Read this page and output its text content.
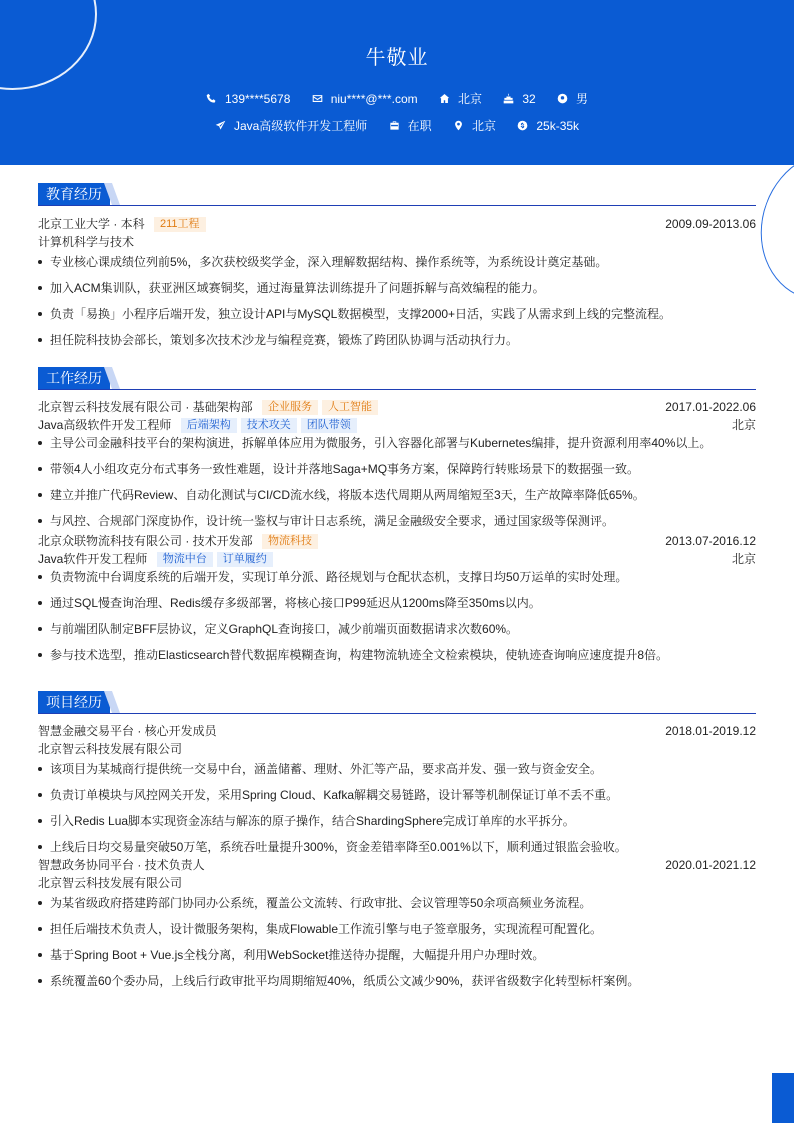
牛敬业
139****5678
	niu****@***.com
	北京
	32
	男
Java高级软件开发工程师
	在职
	北京
	25k-35k
教育经历
北京工业大学 · 本科 211工程	2009.09-2013.06
计算机科学与技术
专业核心课成绩位列前5%，多次获校级奖学金，深入理解数据结构、操作系统等，为系统设计奠定基础。
加入ACM集训队，获亚洲区域赛铜奖，通过海量算法训练提升了问题拆解与高效编程的能力。
负责「易换」小程序后端开发，独立设计API与MySQL数据模型，支撑2000+日活，实践了从需求到上线的完整流程。
担任院科技协会部长，策划多次技术沙龙与编程竞赛，锻炼了跨团队协调与活动执行力。
工作经历
北京智云科技发展有限公司 · 基础架构部 企业服务 人工智能	2017.01-2022.06
Java高级软件开发工程师 后端架构 技术攻关 团队带领	北京
主导公司金融科技平台的架构演进，拆解单体应用为微服务，引入容器化部署与Kubernetes编排，提升资源利用率40%以上。
带领4人小组攻克分布式事务一致性难题，设计并落地Saga+MQ事务方案，保障跨行转账场景下的数据强一致。
建立并推广代码Review、自动化测试与CI/CD流水线，将版本迭代周期从两周缩短至3天，生产故障率降低65%。
与风控、合规部门深度协作，设计统一鉴权与审计日志系统，满足金融级安全要求，通过国家级等保测评。
北京众联物流科技有限公司 · 技术开发部 物流科技	2013.07-2016.12
Java软件开发工程师 物流中台 订单履约	北京
负责物流中台调度系统的后端开发，实现订单分派、路径规划与仓配状态机，支撑日均50万运单的实时处理。
通过SQL慢查询治理、Redis缓存多级部署，将核心接口P99延迟从1200ms降至350ms以内。
与前端团队制定BFF层协议，定义GraphQL查询接口，减少前端页面数据请求次数60%。
参与技术选型，推动Elasticsearch替代数据库模糊查询，构建物流轨迹全文检索模块，使轨迹查询响应速度提升8倍。
项目经历
智慧金融交易平台 · 核心开发成员	2018.01-2019.12
北京智云科技发展有限公司
该项目为某城商行提供统一交易中台，涵盖储蓄、理财、外汇等产品，要求高并发、强一致与资金安全。
负责订单模块与风控网关开发，采用Spring Cloud、Kafka解耦交易链路，设计幂等机制保证订单不丢不重。
引入Redis Lua脚本实现资金冻结与解冻的原子操作，结合ShardingSphere完成订单库的水平拆分。
上线后日均交易量突破50万笔，系统吞吐量提升300%，资金差错率降至0.001%以下，顺利通过银监会验收。
智慧政务协同平台 · 技术负责人	2020.01-2021.12
北京智云科技发展有限公司
为某省级政府搭建跨部门协同办公系统，覆盖公文流转、行政审批、会议管理等50余项高频业务流程。
担任后端技术负责人，设计微服务架构，集成Flowable工作流引擎与电子签章服务，实现流程可配置化。
基于Spring Boot + Vue.js全栈分离，利用WebSocket推送待办提醒，大幅提升用户办理时效。
系统覆盖60个委办局，上线后行政审批平均周期缩短40%，纸质公文减少90%，获评省级数字化转型标杆案例。
